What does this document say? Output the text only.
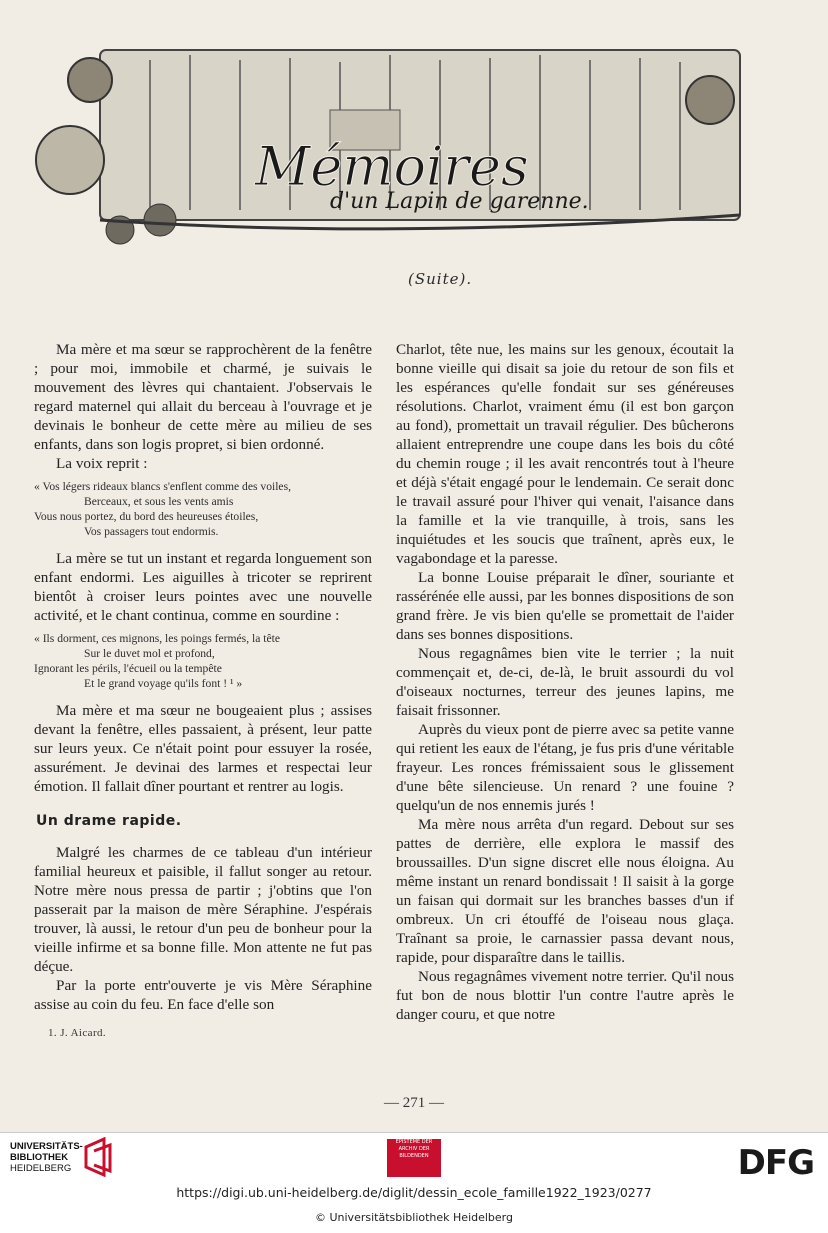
Mémoires
d'un Lapin de garenne.
(Suite).

Ma mère et ma sœur se rapprochèrent de la fenêtre ; pour moi, immobile et charmé, je suivais le mouvement des lèvres qui chantaient. J'observais le regard maternel qui allait du berceau à l'ouvrage et je devinais le bonheur de cette mère au milieu de ses enfants, dans son logis propret, si bien ordonné.

La voix reprit :

« Vos légers rideaux blancs s'enflent comme des voiles,
Berceaux, et sous les vents amis
Vous nous portez, du bord des heureuses étoiles,
Vos passagers tout endormis.

La mère se tut un instant et regarda longuement son enfant endormi. Les aiguilles à tricoter se reprirent bientôt à croiser leurs pointes avec une nouvelle activité, et le chant continua, comme en sourdine :

« Ils dorment, ces mignons, les poings fermés, la tête
Sur le duvet mol et profond,
Ignorant les périls, l'écueil ou la tempête
Et le grand voyage qu'ils font ! ¹ »

Ma mère et ma sœur ne bougeaient plus ; assises devant la fenêtre, elles passaient, à présent, leur patte sur leurs yeux. Ce n'était point pour essuyer la rosée, assurément. Je devinai des larmes et respectai leur émotion. Il fallait dîner pourtant et rentrer au logis.

Un drame rapide.

Malgré les charmes de ce tableau d'un intérieur familial heureux et paisible, il fallut songer au retour. Notre mère nous pressa de partir ; j'obtins que l'on passerait par la maison de mère Séraphine. J'espérais trouver, là aussi, le retour d'un peu de bonheur pour la vieille infirme et sa bonne fille. Mon attente ne fut pas déçue.

Par la porte entr'ouverte je vis Mère Séraphine assise au coin du feu. En face d'elle son

1. J. Aicard.

Charlot, tête nue, les mains sur les genoux, écoutait la bonne vieille qui disait sa joie du retour de son fils et les espérances qu'elle fondait sur ses généreuses résolutions. Charlot, vraiment ému (il est bon garçon au fond), promettait un travail régulier. Des bûcherons allaient entreprendre une coupe dans les bois du côté du chemin rouge ; il les avait rencontrés tout à l'heure et déjà s'était engagé pour le lendemain. Ce serait donc le travail assuré pour l'hiver qui venait, l'aisance dans la famille et la vie tranquille, à trois, sans les inquiétudes et les soucis que traînent, après eux, le vagabondage et la paresse.

La bonne Louise préparait le dîner, souriante et rassérénée elle aussi, par les bonnes dispositions de son grand frère. Je vis bien qu'elle se promettait de l'aider dans ses bonnes dispositions.

Nous regagnâmes bien vite le terrier ; la nuit commençait et, de-ci, de-là, le bruit assourdi du vol d'oiseaux nocturnes, terreur des jeunes lapins, me faisait frissonner.

Auprès du vieux pont de pierre avec sa petite vanne qui retient les eaux de l'étang, je fus pris d'une véritable frayeur. Les ronces frémissaient sous le glissement d'une bête silencieuse. Un renard ? une fouine ? quelqu'un de nos ennemis jurés !

Ma mère nous arrêta d'un regard. Debout sur ses pattes de derrière, elle explora le massif des broussailles. D'un signe discret elle nous éloigna. Au même instant un renard bondissait ! Il saisit à la gorge un faisan qui dormait sur les branches basses d'un if ombreux. Un cri étouffé de l'oiseau nous glaça. Traînant sa proie, le carnassier passa devant nous, rapide, pour disparaître dans le taillis.

Nous regagnâmes vivement notre terrier. Qu'il nous fut bon de nous blottir l'un contre l'autre après le danger couru, et que notre

— 271 —
UNIVERSITÄTS-
BIBLIOTHEK
HEIDELBERG
ÉPISTÈME DER
ARCHIV DER BILDENDEN	DFG
https://digi.ub.uni-heidelberg.de/diglit/dessin_ecole_famille1922_1923/0277
© Universitätsbibliothek Heidelberg
